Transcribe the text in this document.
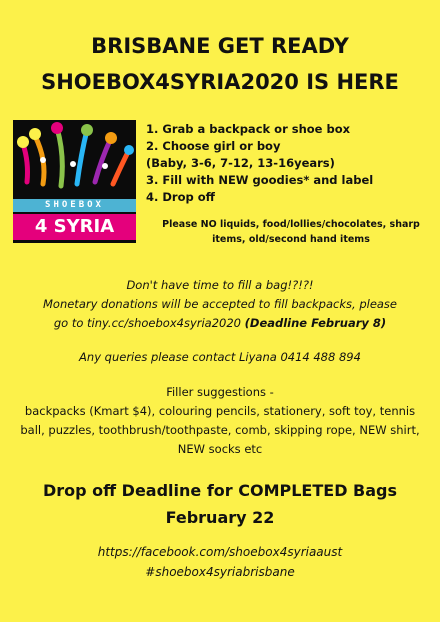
BRISBANE GET READY
SHOEBOX4SYRIA2020 IS HERE
SHOEBOX
4 SYRIA
1. Grab a backpack or shoe box
2. Choose girl or boy
(Baby, 3-6, 7-12, 13-16years)
3. Fill with NEW goodies* and label
4. Drop off
Please NO liquids, food/lollies/chocolates, sharp items, old/second hand items
Don't have time to fill a bag!?!?!
Monetary donations will be accepted to fill backpacks, please
go to tiny.cc/shoebox4syria2020 (Deadline February 8)
Any queries please contact Liyana 0414 488 894
Filler suggestions -
backpacks (Kmart $4), colouring pencils, stationery, soft toy, tennis ball, puzzles, toothbrush/toothpaste, comb, skipping rope, NEW shirt, NEW socks etc
Drop off Deadline for COMPLETED Bags
February 22
https://facebook.com/shoebox4syriaaust
#shoebox4syriabrisbane
